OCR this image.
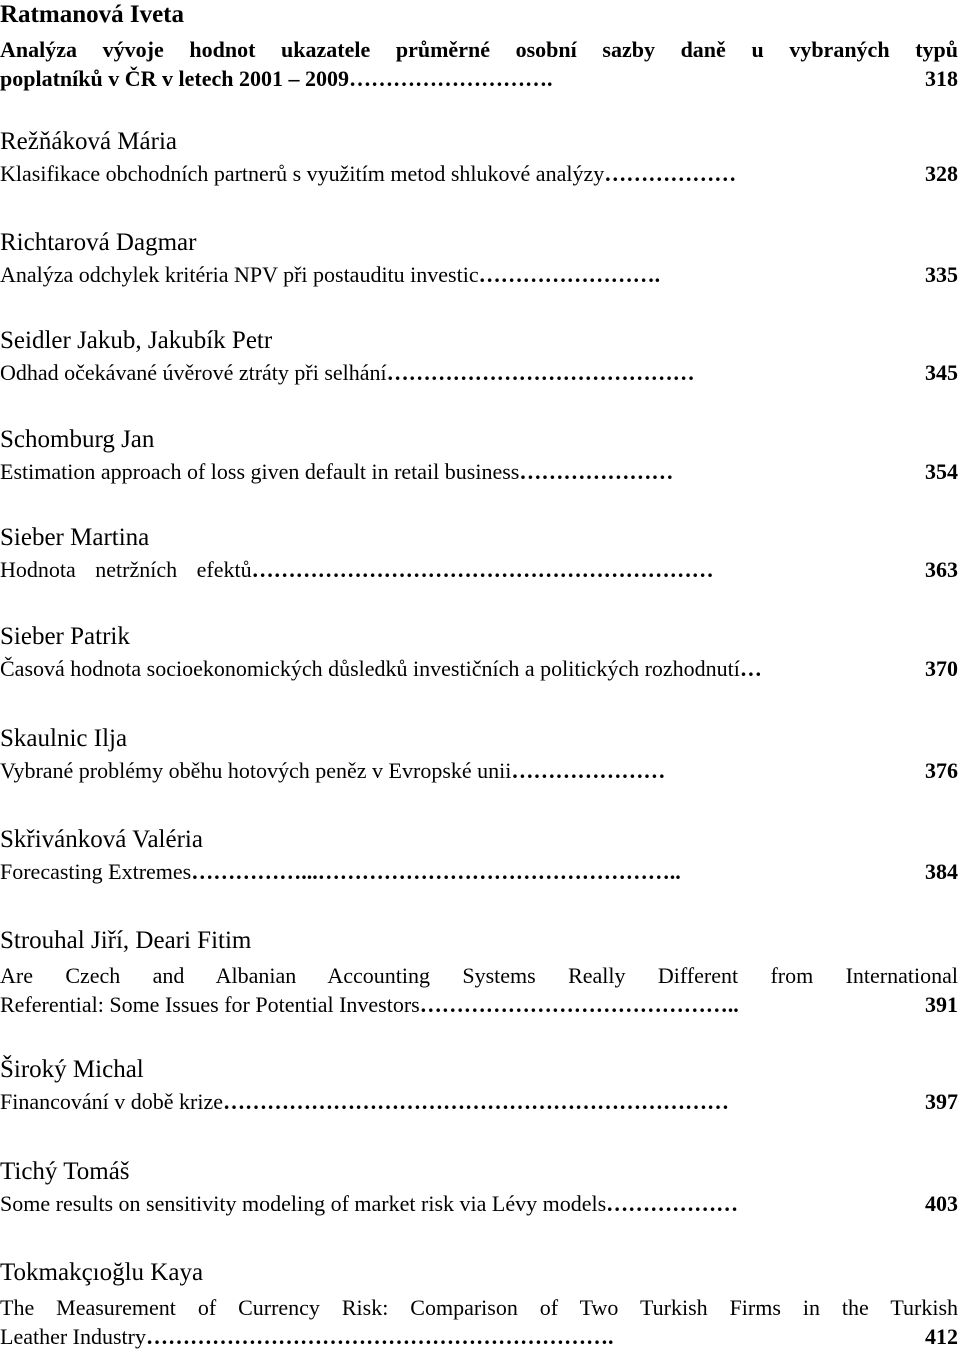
Ratmanová Iveta
Analýza vývoje hodnot ukazatele průměrné osobní sazby daně u vybraných typů
poplatníků v ČR v letech 2001 – 2009 ……………………….	318
Režňáková Mária
Klasifikace obchodních partnerů s využitím metod shlukové analýzy ………………	328
Richtarová Dagmar
Analýza odchylek kritéria NPV při postauditu investic …………………….	335
Seidler Jakub, Jakubík Petr
Odhad očekávané úvěrové ztráty při selhání ……………………………………	345
Schomburg Jan
Estimation approach of loss given default in retail business …………………	354
Sieber Martina
Hodnota netržních efektů ………………………………………………………	363
Sieber Patrik
Časová hodnota socioekonomických důsledků investičních a politických rozhodnutí …	370
Skaulnic Ilja
Vybrané problémy oběhu hotových peněz v Evropské unii …………………	376
Skřivánková Valéria
Forecasting Extremes ……………...…………………………………………..	384
Strouhal Jiří, Deari Fitim
Are Czech and Albanian Accounting Systems Really Different from International
Referential: Some Issues for Potential Investors ……………………………………..	391
Široký Michal
Financování v době krize ……………………………………………………………	397
Tichý Tomáš
Some results on sensitivity modeling of market risk via Lévy models ………………	403
Tokmakçıoğlu Kaya
The Measurement of Currency Risk: Comparison of Two Turkish Firms in the Turkish
Leather Industry ……………………………………………………….	412
